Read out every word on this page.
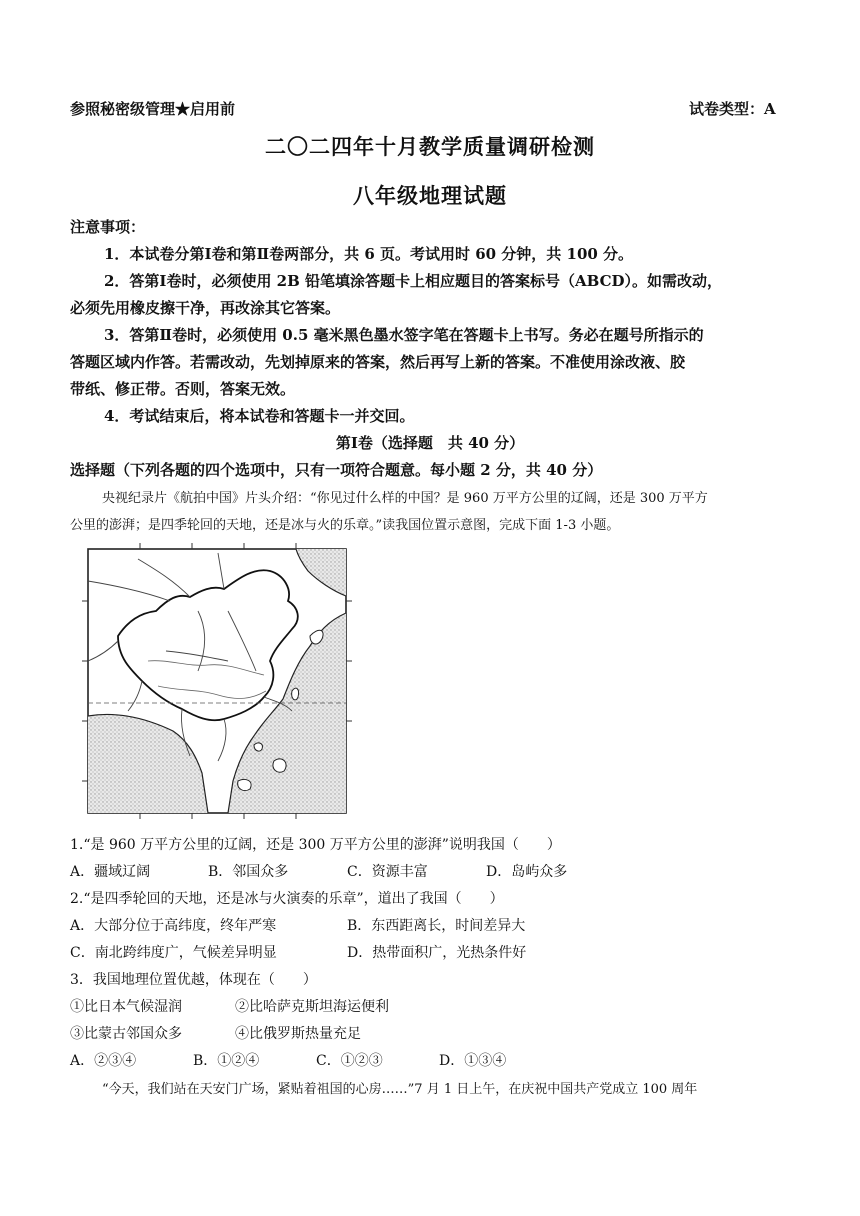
参照秘密级管理★启用前	试卷类型：A
二〇二四年十月教学质量调研检测
八年级地理试题
注意事项：
1．本试卷分第Ⅰ卷和第Ⅱ卷两部分，共 6 页。考试用时 60 分钟，共 100 分。
2．答第Ⅰ卷时，必须使用 2B 铅笔填涂答题卡上相应题目的答案标号（ABCD）。如需改动，
必须先用橡皮擦干净，再改涂其它答案。
3．答第Ⅱ卷时，必须使用 0.5 毫米黑色墨水签字笔在答题卡上书写。务必在题号所指示的
答题区域内作答。若需改动，先划掉原来的答案，然后再写上新的答案。不准使用涂改液、胶
带纸、修正带。否则，答案无效。
4．考试结束后，将本试卷和答题卡一并交回。
第Ⅰ卷（选择题　共 40 分）
选择题（下列各题的四个选项中，只有一项符合题意。每小题 2 分，共 40 分）
央视纪录片《航拍中国》片头介绍：“你见过什么样的中国？是 960 万平方公里的辽阔，还是 300 万平方
公里的澎湃；是四季轮回的天地，还是冰与火的乐章。”读我国位置示意图，完成下面 1-3 小题。
1.“是 960 万平方公里的辽阔，还是 300 万平方公里的澎湃”说明我国（　　）
A．疆域辽阔	B．邻国众多	C．资源丰富	D．岛屿众多
2.“是四季轮回的天地，还是冰与火演奏的乐章”，道出了我国（　　）
A．大部分位于高纬度，终年严寒	B．东西距离长，时间差异大
C．南北跨纬度广，气候差异明显	D．热带面积广，光热条件好
3．我国地理位置优越，体现在（　　）
①比日本气候湿润	②比哈萨克斯坦海运便利
③比蒙古邻国众多	④比俄罗斯热量充足
A．②③④	B．①②④	C．①②③	D．①③④
“今天，我们站在天安门广场，紧贴着祖国的心房……”7 月 1 日上午，在庆祝中国共产党成立 100 周年
